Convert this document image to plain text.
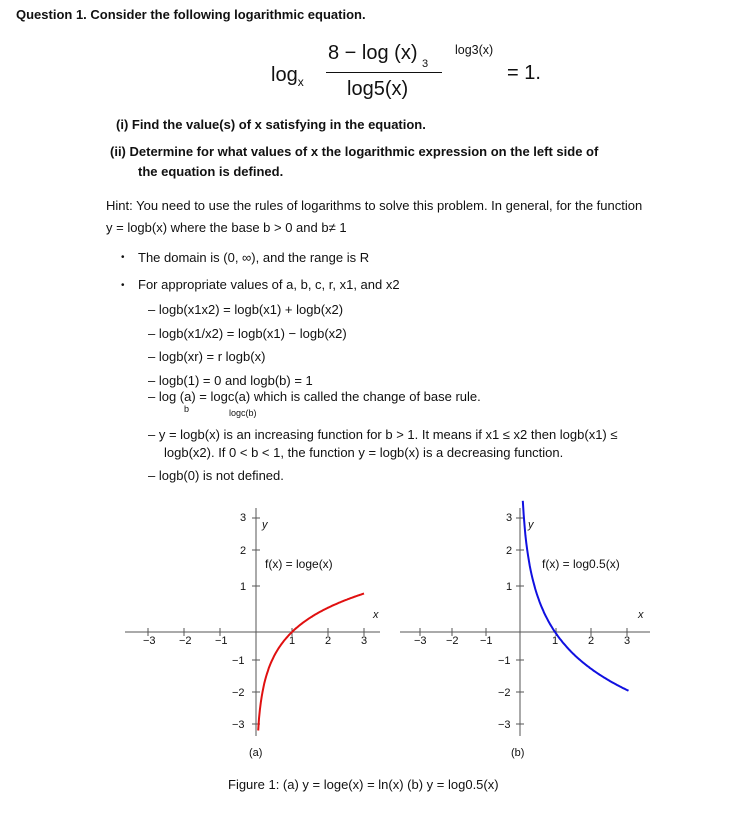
Question 1. Consider the following logarithmic equation.
$\log_x$
8 − log (x) 3
log3(x)
log5(x)
= 1.
(i) Find the value(s) of x satisfying in the equation.
(ii) Determine for what values of x the logarithmic expression on the left side of
the equation is defined.
Hint: You need to use the rules of logarithms to solve this problem. In general, for the function
y = logb(x) where the base b > 0 and b≠ 1
• The domain is (0, ∞), and the range is R
• For appropriate values of a, b, c, r, x1, and x2
– logb(x1x2) = logb(x1) + logb(x2)
– logb(x1/x2) = logb(x1) − logb(x2)
– logb(xr) = r logb(x)
– logb(1) = 0 and logb(b) = 1
– log (a) = logc(a) which is called the change of base rule.
b	logc(b)
– y = logb(x) is an increasing function for b > 1. It means if x1 ≤ x2 then logb(x1) ≤
logb(x2). If 0 < b < 1, the function y = logb(x) is a decreasing function.
– logb(0) is not defined.
−3 −2 −1	1	2	3
3
2
1
−1
−2
−3
y
x
f(x) = loge(x)
(a)
−3 −2 −1	1	2	3
3
2
1
−1
−2
−3
y
x
f(x) = log0.5(x)
(b)
Figure 1: (a) y = loge(x) = ln(x) (b) y = log0.5(x)
